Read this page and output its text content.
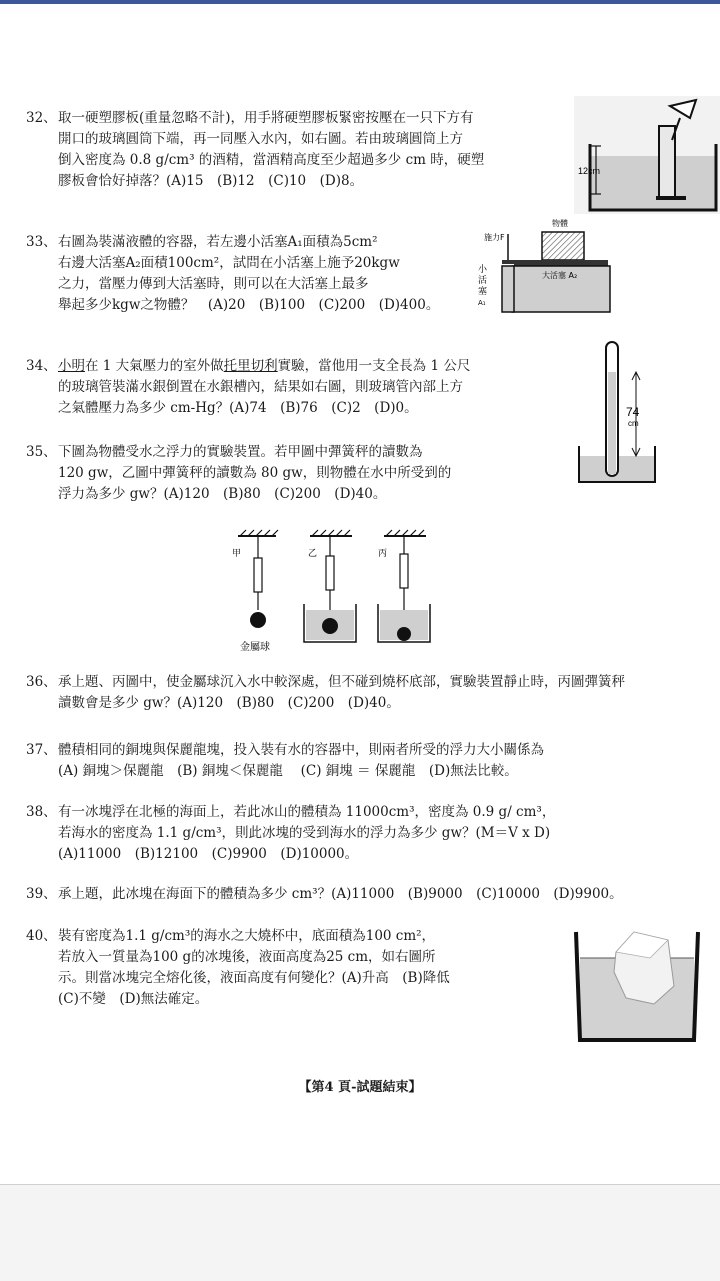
32、 取一硬塑膠板(重量忽略不計)，用手將硬塑膠板緊密按壓在一只下方有
開口的玻璃圓筒下端，再一同壓入水內，如右圖。若由玻璃圓筒上方
倒入密度為 0.8 g/cm³ 的酒精，當酒精高度至少超過多少 cm 時，硬塑
膠板會恰好掉落？(A)15　(B)12　(C)10　(D)8。
12cm
33、 右圖為裝滿液體的容器，若左邊小活塞A₁面積為5cm²
右邊大活塞A₂面積100cm²，試問在小活塞上施予20kgw
之力，當壓力傳到大活塞時，則可以在大活塞上最多
舉起多少kgw之物體？　(A)20　(B)100　(C)200　(D)400。
物體
施力F
大活塞 A₂
小
活
塞
A₁
34、 小明在 1 大氣壓力的室外做托里切利實驗，當他用一支全長為 1 公尺
的玻璃管裝滿水銀倒置在水銀槽內，結果如右圖，則玻璃管內部上方
之氣體壓力為多少 cm-Hg？(A)74　(B)76　(C)2　(D)0。	74
cm
35、 下圖為物體受水之浮力的實驗裝置。若甲圖中彈簧秤的讀數為
120 gw，乙圖中彈簧秤的讀數為 80 gw，則物體在水中所受到的
浮力為多少 gw？(A)120　(B)80　(C)200　(D)40。
甲
金屬球
乙	丙
36、 承上題、丙圖中，使金屬球沉入水中較深處，但不碰到燒杯底部，實驗裝置靜止時，丙圖彈簧秤
讀數會是多少 gw？(A)120　(B)80　(C)200　(D)40。
37、 體積相同的銅塊與保麗龍塊，投入裝有水的容器中，則兩者所受的浮力大小關係為
(A) 銅塊＞保麗龍　(B) 銅塊＜保麗龍　 (C) 銅塊 ＝ 保麗龍　(D)無法比較。
38、 有一冰塊浮在北極的海面上，若此冰山的體積為 11000cm³，密度為 0.9 g/ cm³，
若海水的密度為 1.1 g/cm³，則此冰塊的受到海水的浮力為多少 gw？(M＝V x D)
(A)11000　(B)12100　(C)9900　(D)10000。
39、 承上題，此冰塊在海面下的體積為多少 cm³？(A)11000　(B)9000　(C)10000　(D)9900。
40、 裝有密度為1.1 g/cm³的海水之大燒杯中，底面積為100 cm²，
若放入一質量為100 g的冰塊後，液面高度為25 cm，如右圖所
示。則當冰塊完全熔化後，液面高度有何變化？(A)升高　(B)降低
(C)不變　(D)無法確定。
【第4 頁-試題結束】
